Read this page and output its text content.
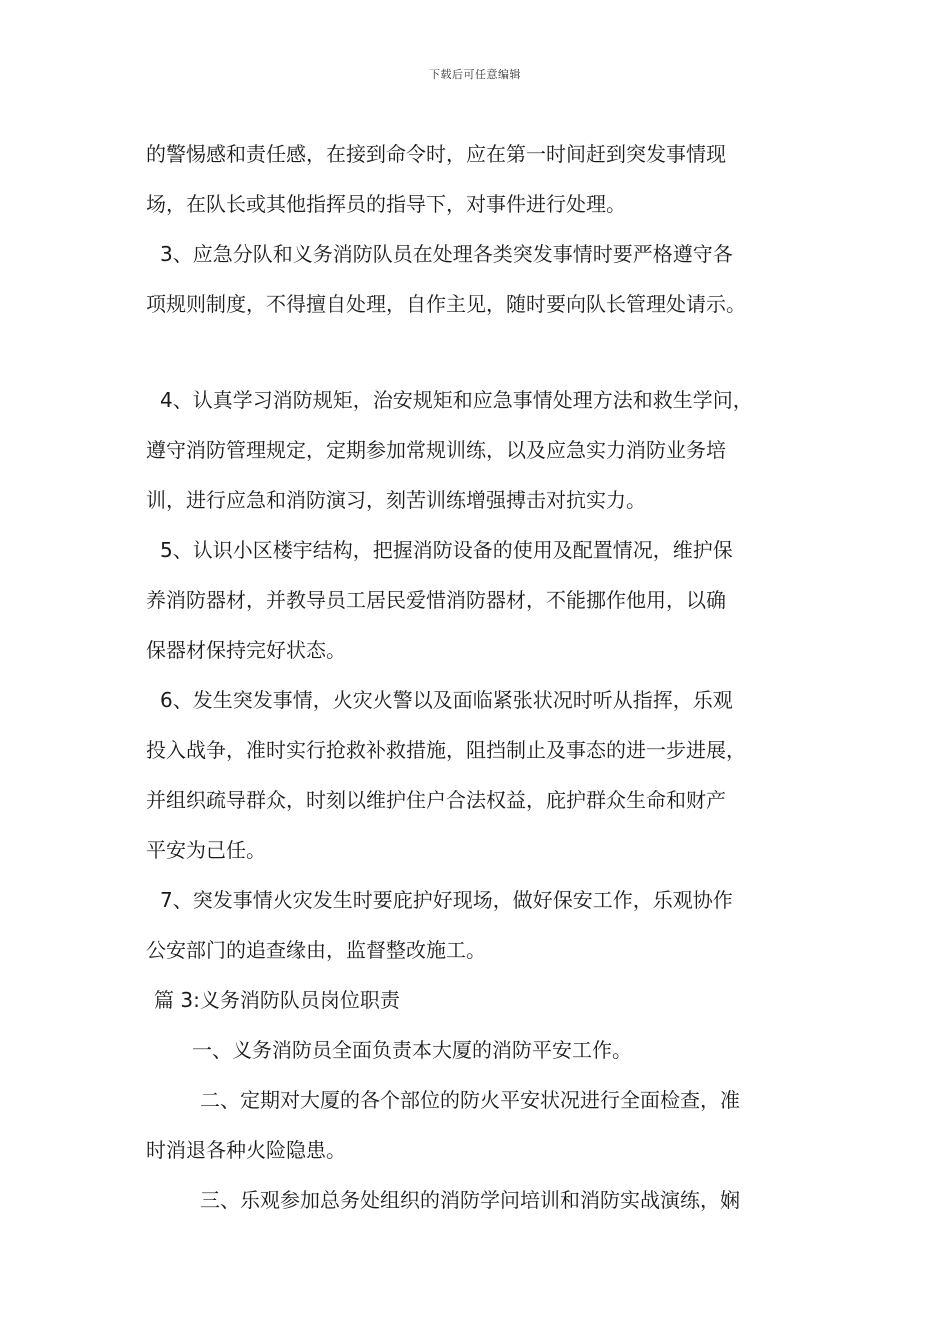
下载后可任意编辑
的警惕感和责任感，在接到命令时，应在第一时间赶到突发事情现
场，在队长或其他指挥员的指导下，对事件进行处理。
3、应急分队和义务消防队员在处理各类突发事情时要严格遵守各
项规则制度，不得擅自处理，自作主见，随时要向队长管理处请示。
4、认真学习消防规矩，治安规矩和应急事情处理方法和救生学问，
遵守消防管理规定，定期参加常规训练，以及应急实力消防业务培
训，进行应急和消防演习，刻苦训练增强搏击对抗实力。
5、认识小区楼宇结构，把握消防设备的使用及配置情况，维护保
养消防器材，并教导员工居民爱惜消防器材，不能挪作他用，以确
保器材保持完好状态。
6、发生突发事情，火灾火警以及面临紧张状况时听从指挥，乐观
投入战争，准时实行抢救补救措施，阻挡制止及事态的进一步进展，
并组织疏导群众，时刻以维护住户合法权益，庇护群众生命和财产
平安为己任。
7、突发事情火灾发生时要庇护好现场，做好保安工作，乐观协作
公安部门的追查缘由，监督整改施工。
篇 3:义务消防队员岗位职责
一、义务消防员全面负责本大厦的消防平安工作。
二、定期对大厦的各个部位的防火平安状况进行全面检查，准
时消退各种火险隐患。
三、乐观参加总务处组织的消防学问培训和消防实战演练，娴
